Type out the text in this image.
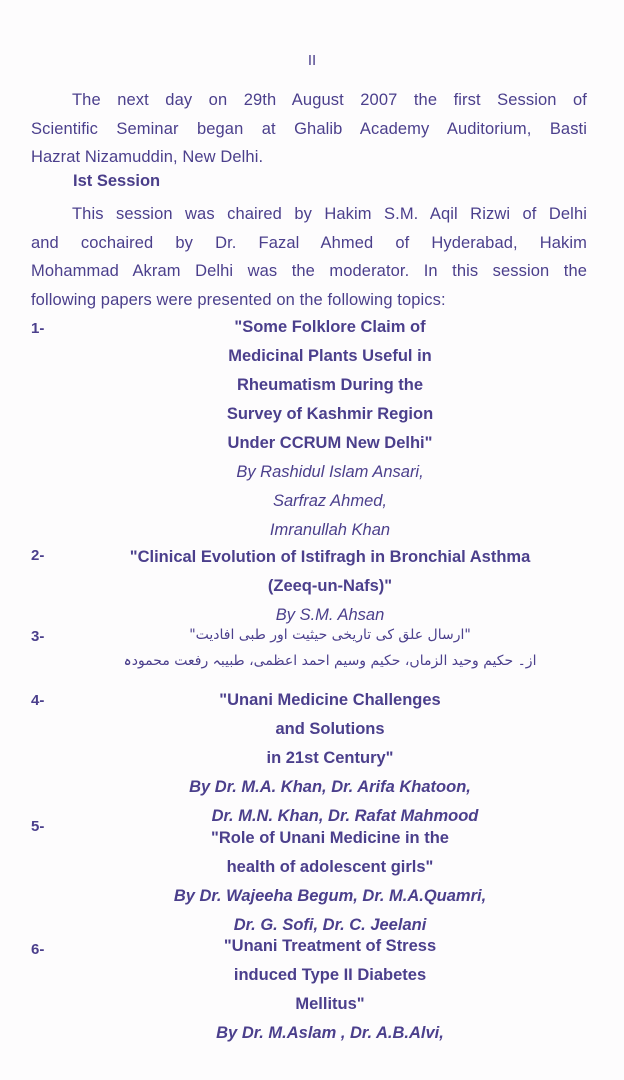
II
The next day on 29th August 2007 the first Session of
Scientific Seminar began at Ghalib Academy Auditorium, Basti
Hazrat Nizamuddin, New Delhi.
Ist Session
This session was chaired by Hakim S.M. Aqil Rizwi of Delhi
and cochaired by Dr. Fazal Ahmed of Hyderabad, Hakim
Mohammad Akram Delhi was the moderator. In this session the
following papers were presented on the following topics:
1-	"Some Folklore Claim of
Medicinal Plants Useful in
Rheumatism During the
Survey of Kashmir Region
Under CCRUM New Delhi"
By Rashidul Islam Ansari,
Sarfraz Ahmed,
Imranullah Khan
2-	"Clinical Evolution of Istifragh in Bronchial Asthma
(Zeeq-un-Nafs)"
By S.M. Ahsan
3-	"ارسال علق کی تاریخی حیثیت اور طبی افادیت"
از۔ حکیم وحید الزماں، حکیم وسیم احمد اعظمی، طبیبہ رفعت محمودہ
4-	"Unani Medicine Challenges
and Solutions
in 21st Century"
By Dr. M.A. Khan, Dr. Arifa Khatoon,
Dr. M.N. Khan, Dr. Rafat Mahmood
5-
"Role of Unani Medicine in the
health of adolescent girls"
By Dr. Wajeeha Begum, Dr. M.A.Quamri,
Dr. G. Sofi, Dr. C. Jeelani
6-	"Unani Treatment of Stress
induced Type II Diabetes
Mellitus"
By Dr. M.Aslam , Dr. A.B.Alvi,
